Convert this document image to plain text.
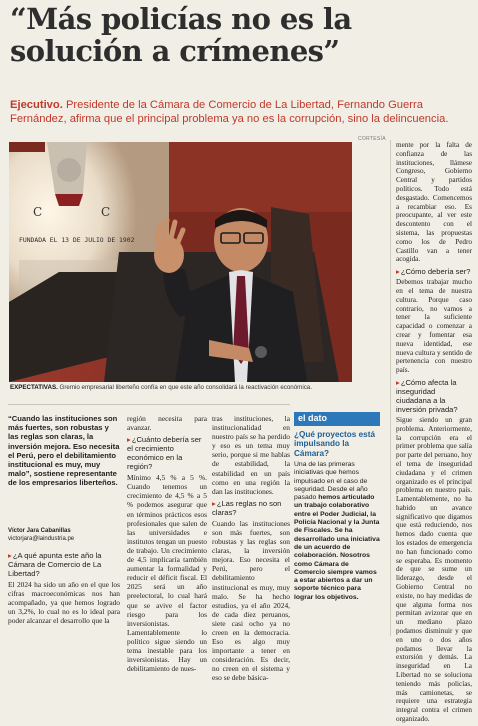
“Más policías no es la
solución a crímenes”
Ejecutivo. Presidente de la Cámara de Comercio de La Libertad, Fernando Guerra Fernández, afirma que el principal problema ya no es la corrupción, sino la delincuencia.
CORTESÍA
C	C
FUNDADA EL 13 DE JULIO DE 1902
EXPECTATIVAS. Gremio empresarial liberteño confía en que este año consolidará la reactivación económica.
“Cuando las instituciones son más fuertes, son robustas y las reglas son claras, la inversión mejora. Eso necesita el Perú, pero el debilitamiento institucional es muy, muy malo”, sostiene representante de los empresarios liberteños.
Víctor Jara Cabanillas
victorjara@laindustria.pe

▸ ¿A qué apunta este año la Cámara de Comercio de La Libertad?

El 2024 ha sido un año en el que los cifras macroeconómicas nos han acompañado, ya que hemos logrado un 3,2%, lo cual no es lo ideal para poder alcanzar el desarrollo que la

región necesita para avanzar.

▸ ¿Cuánto debería ser el crecimiento económico en la región?

Mínimo 4,5 % a 5 %. Cuando tenemos un crecimiento de 4,5 % a 5 % podemos asegurar que en términos prácticos esos profesionales que salen de las universidades e institutos tengan un puesto de trabajo. Un crecimiento de 4,5 implicaría también aumentar la formalidad y reducir el déficit fiscal. El 2025 será un año preelectoral, lo cual hará que se avive el factor riesgo para los inversionistas. Lamentablemente lo político sigue siendo un tema inestable para los inversionistas. Hay un debilitamiento de nues-

tras instituciones, la institucionalidad en nuestro país se ha perdido y eso es un tema muy serio, porque si me hablas de estabilidad, la estabilidad en un país como en una región la dan las instituciones.

▸ ¿Las reglas no son claras?

Cuando las instituciones son más fuertes, son robustas y las reglas son claras, la inversión mejora. Eso necesita el Perú, pero el debilitamiento institucional es muy, muy malo. Se ha hecho estudios, ya el año 2024, de cada diez peruanos, siete casi ocho ya no creen en la democracia. Eso es algo muy importante a tener en consideración. Es decir, no creen en el sistema y eso se debe básica-

el dato
¿Qué proyectos está impulsando la Cámara?
Una de las primeras iniciativas que hemos impulsado en el caso de seguridad. Desde el año pasado hemos articulado un trabajo colaborativo entre el Poder Judicial, la Policía Nacional y la Junta de Fiscales. Se ha desarrollado una iniciativa de un acuerdo de colaboración. Nosotros como Cámara de Comercio siempre vamos a estar abiertos a dar un soporte técnico para lograr los objetivos.

mente por la falta de confianza de las instituciones, llámese Congreso, Gobierno Central y partidos políticos. Todo está desgastado. Comencemos a recambiar eso. Es preocupante, al ver este descontento con el sistema, las propuestas como los de Pedro Castillo van a tener acogida.

▸ ¿Cómo debería ser?

Debemos trabajar mucho en el tema de nuestra cultura. Porque caso contrario, no vamos a tener la suficiente capacidad o comenzar a crear y fomentar esa nueva identidad, ese nueva cultura y sentido de pertenencia con nuestro país.

▸ ¿Cómo afecta la inseguridad ciudadana a la inversión privada?

Sigue siendo un gran problema. Anteriormente, la corrupción era el primer problema que salía por parte del peruano, hoy el tema de inseguridad ciudadana y el crimen organizado es el principal problema en nuestro país. Lamentablemente, no ha habido un avance significativo que digamos que está reduciendo, nos hemos dado cuenta que los estados de emergencia no han funcionado como se esperaba. Es momento de que se sume un liderazgo, desde el Gobierno Central no existe, no hay medidas de que alguna forma nos permitan avizorar que en un mediano plazo podamos disminuir y que en uno o dos años podamos llevar la extorsión y demás. La inseguridad en La Libertad no se soluciona teniendo más policías, más camionetas, se requiere una estrategia integral contra el crimen organizado.
